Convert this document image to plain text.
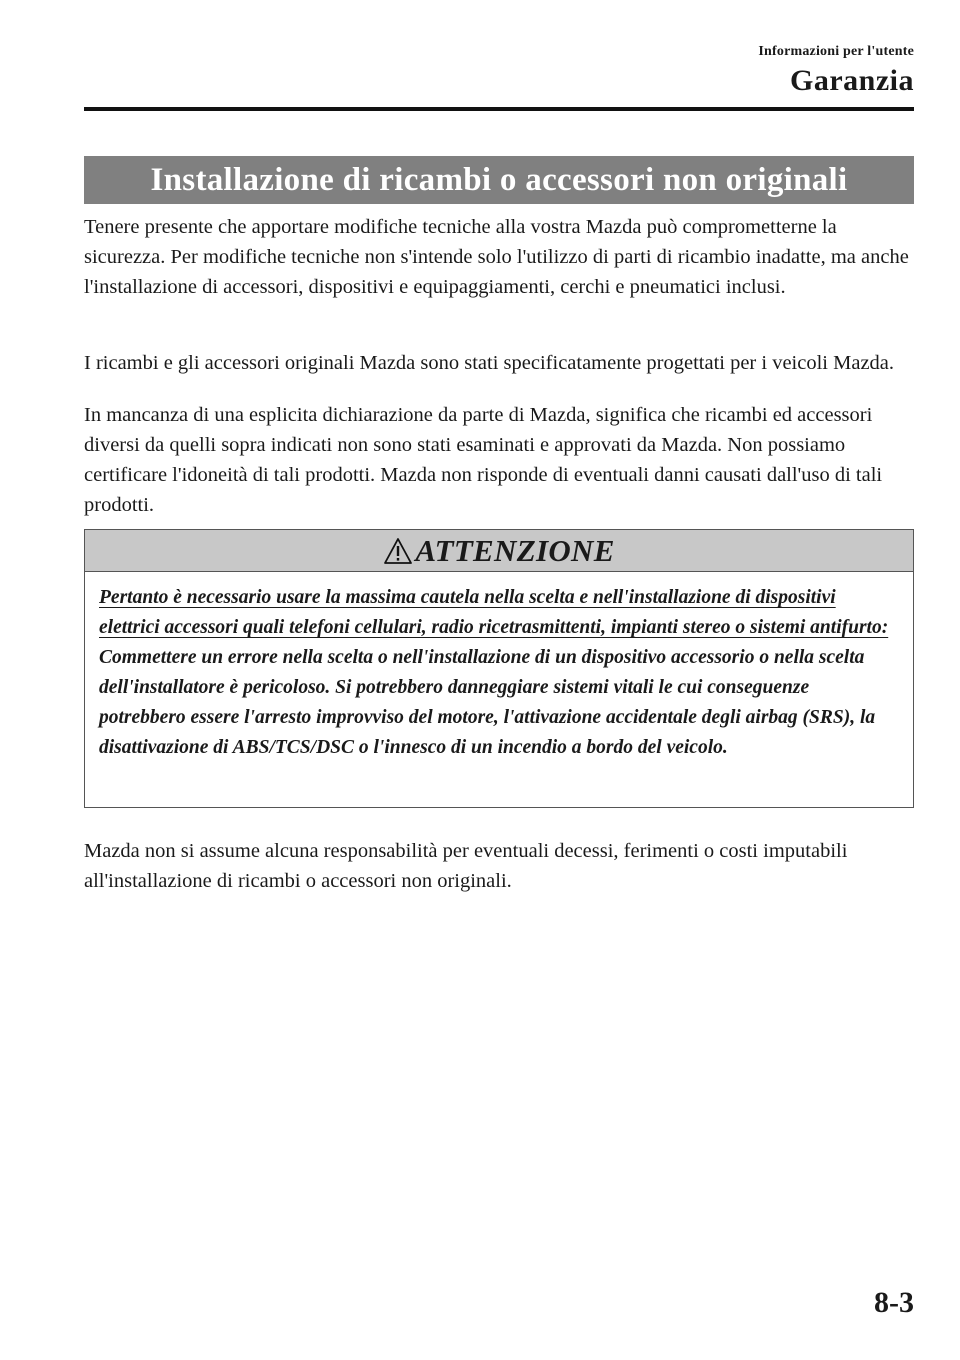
Informazioni per l'utente
Garanzia
Installazione di ricambi o accessori non originali

Tenere presente che apportare modifiche tecniche alla vostra Mazda può comprometterne la sicurezza. Per modifiche tecniche non s'intende solo l'utilizzo di parti di ricambio inadatte, ma anche l'installazione di accessori, dispositivi e equipaggiamenti, cerchi e pneumatici inclusi.

I ricambi e gli accessori originali Mazda sono stati specificatamente progettati per i veicoli Mazda.

In mancanza di una esplicita dichiarazione da parte di Mazda, significa che ricambi ed accessori diversi da quelli sopra indicati non sono stati esaminati e approvati da Mazda. Non possiamo certificare l'idoneità di tali prodotti. Mazda non risponde di eventuali danni causati dall'uso di tali prodotti.

ATTENZIONE
Pertanto è necessario usare la massima cautela nella scelta e nell'installazione di dispositivi elettrici accessori quali telefoni cellulari, radio ricetrasmittenti, impianti stereo o sistemi antifurto:
Commettere un errore nella scelta o nell'installazione di un dispositivo accessorio o nella scelta dell'installatore è pericoloso. Si potrebbero danneggiare sistemi vitali le cui conseguenze potrebbero essere l'arresto improvviso del motore, l'attivazione accidentale degli airbag (SRS), la disattivazione di ABS/TCS/DSC o l'innesco di un incendio a bordo del veicolo.

Mazda non si assume alcuna responsabilità per eventuali decessi, ferimenti o costi imputabili all'installazione di ricambi o accessori non originali.

8-3
